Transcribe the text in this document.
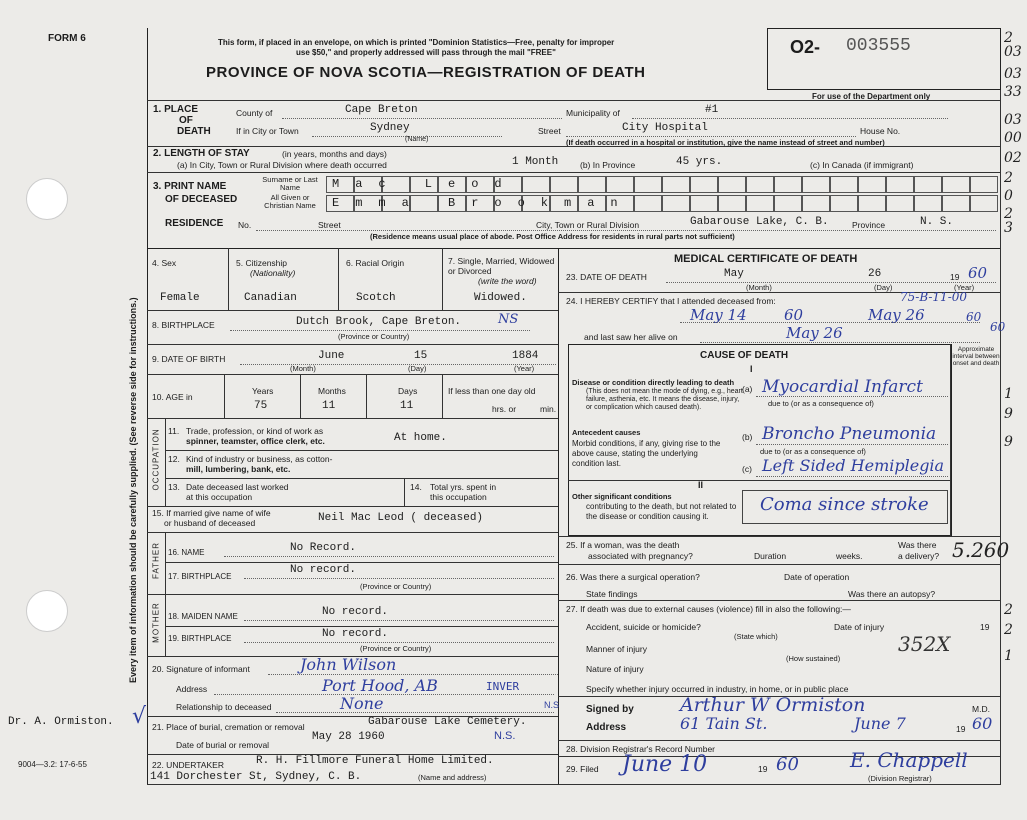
FORM 6
Every item of information should be carefully supplied. (See reverse side for instructions.)
Dr. A. Ormiston.
9004—3.2: 17-6-55
√
This form, if placed in an envelope, on which is printed "Dominion Statistics—Free, penalty for improper
use $50," and properly addressed will pass through the mail "FREE"
PROVINCE OF NOVA SCOTIA—REGISTRATION OF DEATH
O2- 003555
For use of the Department only
2
03
03
33
03
00
02
2
0
2
3
1
9
9
2
2
1
1. PLACE
OF
DEATH
County of	Cape Breton	Municipality of	#1
If in City or Town	Sydney
(Name)
Street	City Hospital	House No.
(If death occurred in a hospital or institution, give the name instead of street and number)
2. LENGTH OF STAY	(in years, months and days)
(a) In City, Town or Rural Division where death occurred	1 Month	(b) In Province	45 yrs.	(c) In Canada (if immigrant)
3. PRINT NAME
OF DECEASED
Surname or Last Name
All Given or Christian Name
Mac Leod
Emma Brookman
RESIDENCE No.	Street	City, Town or Rural Division	Gabarouse Lake, C. B.	Province	N. S.
(Residence means usual place of abode. Post Office Address for residents in rural parts not sufficient)
4. Sex
Female
5. Citizenship
(Nationality)
Canadian
6. Racial Origin
Scotch
7. Single, Married, Widowed or Divorced
(write the word)
Widowed.
8. BIRTHPLACE	Dutch Brook, Cape Breton.	NS
(Province or Country)
9. DATE OF BIRTH	June	15	1884
(Month)	(Day)	(Year)
10. AGE in
Years	Months	Days
75	11	11
If less than one day old
hrs. or	min.
OCCUPATION 11. Trade, profession, or kind of work as
spinner, teamster, office clerk, etc.	At home.
12. Kind of industry or business, as cotton-
mill, lumbering, bank, etc.
13. Date deceased last worked
at this occupation
14. Total yrs. spent in
this occupation
15. If married give name of wife
or husband of deceased	Neil Mac Leod ( deceased)
FATHER 16. NAME	No Record.
17. BIRTHPLACE
No record.
(Province or Country)
MOTHER 18. MAIDEN NAME	No record.
19. BIRTHPLACE	No record.
(Province or Country)
20. Signature of informant	John Wilson
Address	Port Hood, AB	INVER
Relationship to deceased	None	N.S
21. Place of burial, cremation or removal	Gabarouse Lake Cemetery.
Date of burial or removal
May 28 1960	N.S.
22. UNDERTAKER	R. H. Fillmore Funeral Home Limited.
141 Dorchester St, Sydney, C. B.	(Name and address)
MEDICAL CERTIFICATE OF DEATH
23. DATE OF DEATH	May	26	19 60
(Month)	(Day)	(Year)
24. I HEREBY CERTIFY that I attended deceased from:	75-B-11-00
May 14 60	May 26	60
and last saw her alive on	May 26	60
CAUSE OF DEATH
I
Approximate interval between onset and death
Disease or condition directly leading to death
(This does not mean the mode of dying, e.g., heart failure, asthenia, etc. It means the disease, injury, or complication which caused death).
(a) Myocardial Infarct
due to (or as a consequence of)
Antecedent causes
Morbid conditions, if any, giving rise to the above cause, stating the underlying condition last.
(b) Broncho Pneumonia
due to (or as a consequence of)
(c) Left Sided Hemiplegia
II
Other significant conditions
contributing to the death, but not related to the disease or condition causing it.
Coma since stroke
25. If a woman, was the death
associated with pregnancy?	Duration	weeks.
Was there
a delivery? 5.260
26. Was there a surgical operation?	Date of operation
State findings	Was there an autopsy?
27. If death was due to external causes (violence) fill in also the following:—
Accident, suicide or homicide?
(State which)
Date of injury	19
Manner of injury	352X
(How sustained)
Nature of injury
Specify whether injury occurred in industry, in home, or in public place
Signed by Arthur W Ormiston	M.D.
Address	61 Tain St.	June 7	19 60
28. Division Registrar's Record Number
29. Filed June 10	19 60	E. Chappell
(Division Registrar)
